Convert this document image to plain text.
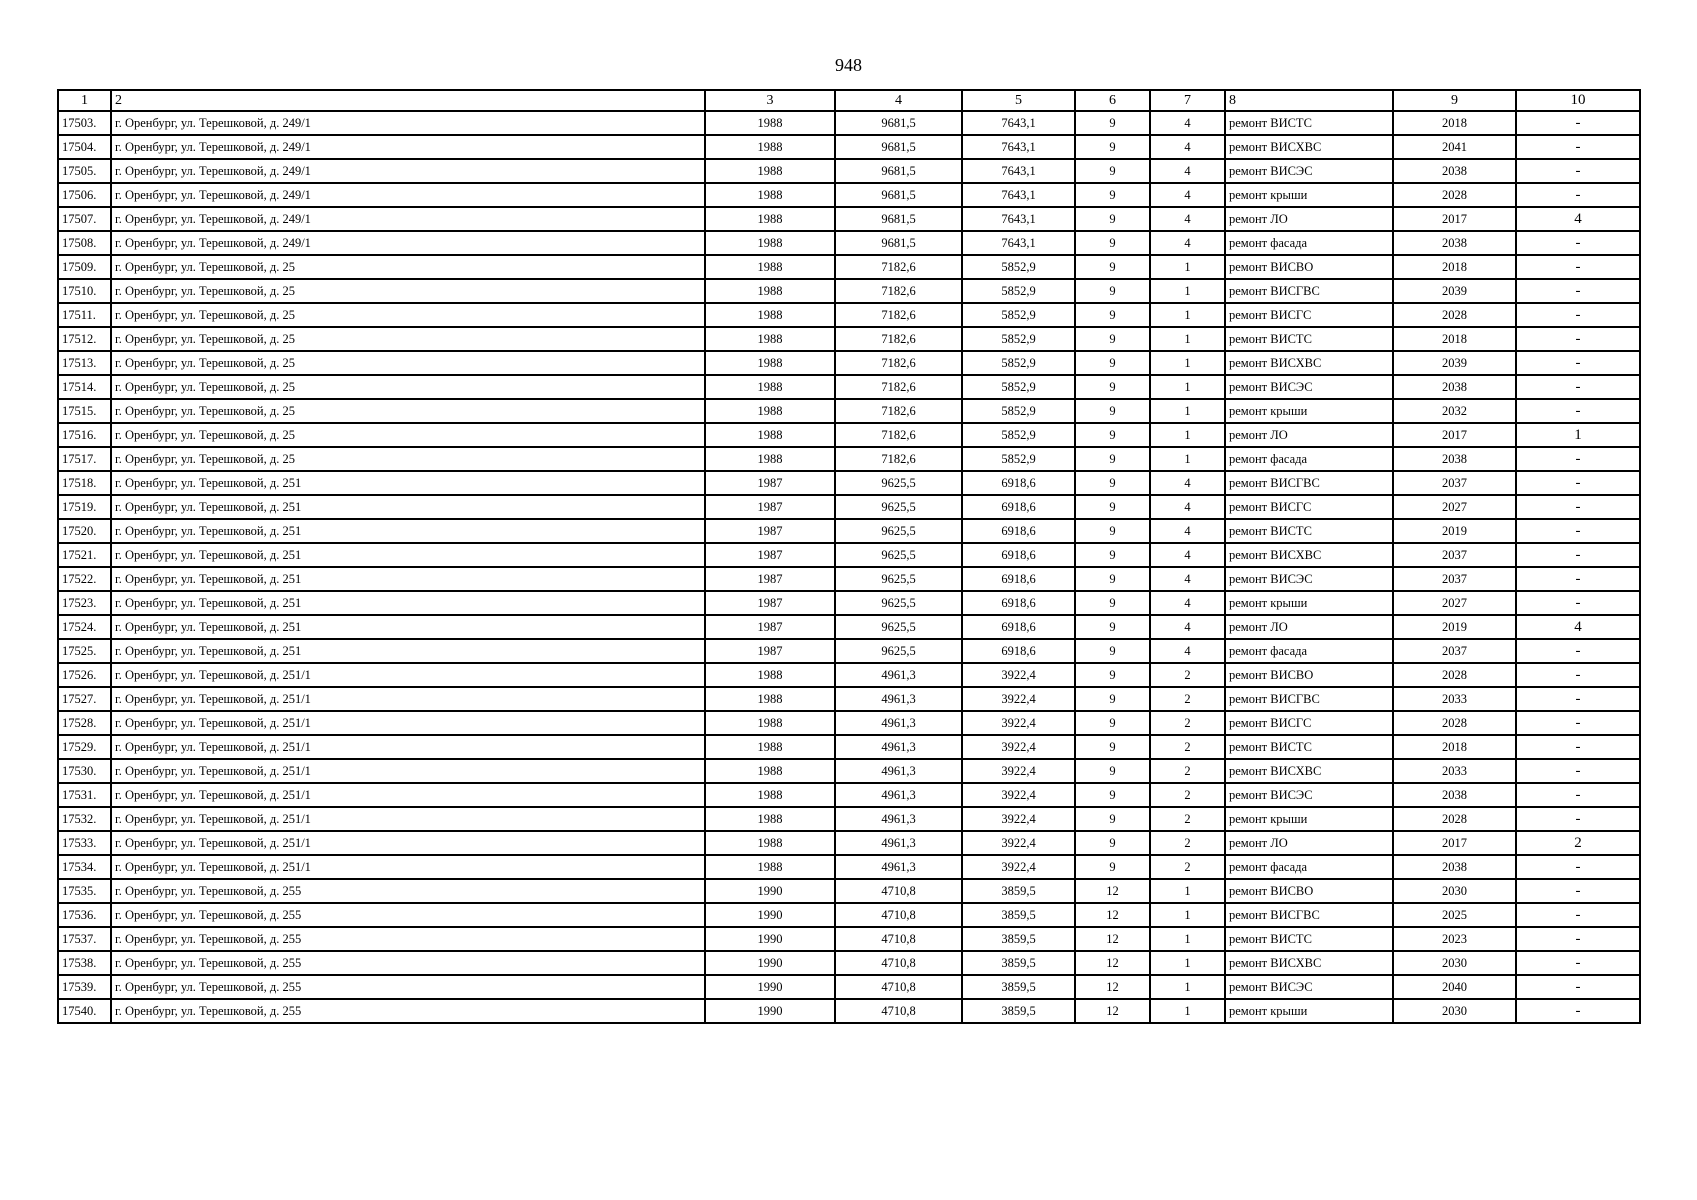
948
1	2	3	4	5	6	7	8	9	10
17503.	г. Оренбург, ул. Терешковой, д. 249/1	1988	9681,5	7643,1	9	4	ремонт ВИСТС	2018	-
17504.	г. Оренбург, ул. Терешковой, д. 249/1	1988	9681,5	7643,1	9	4	ремонт ВИСХВС	2041	-
17505.	г. Оренбург, ул. Терешковой, д. 249/1	1988	9681,5	7643,1	9	4	ремонт ВИСЭС	2038	-
17506.	г. Оренбург, ул. Терешковой, д. 249/1	1988	9681,5	7643,1	9	4	ремонт крыши	2028	-
17507.	г. Оренбург, ул. Терешковой, д. 249/1	1988	9681,5	7643,1	9	4	ремонт ЛО	2017	4
17508.	г. Оренбург, ул. Терешковой, д. 249/1	1988	9681,5	7643,1	9	4	ремонт фасада	2038	-
17509.	г. Оренбург, ул. Терешковой, д. 25	1988	7182,6	5852,9	9	1	ремонт ВИСВО	2018	-
17510.	г. Оренбург, ул. Терешковой, д. 25	1988	7182,6	5852,9	9	1	ремонт ВИСГВС	2039	-
17511.	г. Оренбург, ул. Терешковой, д. 25	1988	7182,6	5852,9	9	1	ремонт ВИСГС	2028	-
17512.	г. Оренбург, ул. Терешковой, д. 25	1988	7182,6	5852,9	9	1	ремонт ВИСТС	2018	-
17513.	г. Оренбург, ул. Терешковой, д. 25	1988	7182,6	5852,9	9	1	ремонт ВИСХВС	2039	-
17514.	г. Оренбург, ул. Терешковой, д. 25	1988	7182,6	5852,9	9	1	ремонт ВИСЭС	2038	-
17515.	г. Оренбург, ул. Терешковой, д. 25	1988	7182,6	5852,9	9	1	ремонт крыши	2032	-
17516.	г. Оренбург, ул. Терешковой, д. 25	1988	7182,6	5852,9	9	1	ремонт ЛО	2017	1
17517.	г. Оренбург, ул. Терешковой, д. 25	1988	7182,6	5852,9	9	1	ремонт фасада	2038	-
17518.	г. Оренбург, ул. Терешковой, д. 251	1987	9625,5	6918,6	9	4	ремонт ВИСГВС	2037	-
17519.	г. Оренбург, ул. Терешковой, д. 251	1987	9625,5	6918,6	9	4	ремонт ВИСГС	2027	-
17520.	г. Оренбург, ул. Терешковой, д. 251	1987	9625,5	6918,6	9	4	ремонт ВИСТС	2019	-
17521.	г. Оренбург, ул. Терешковой, д. 251	1987	9625,5	6918,6	9	4	ремонт ВИСХВС	2037	-
17522.	г. Оренбург, ул. Терешковой, д. 251	1987	9625,5	6918,6	9	4	ремонт ВИСЭС	2037	-
17523.	г. Оренбург, ул. Терешковой, д. 251	1987	9625,5	6918,6	9	4	ремонт крыши	2027	-
17524.	г. Оренбург, ул. Терешковой, д. 251	1987	9625,5	6918,6	9	4	ремонт ЛО	2019	4
17525.	г. Оренбург, ул. Терешковой, д. 251	1987	9625,5	6918,6	9	4	ремонт фасада	2037	-
17526.	г. Оренбург, ул. Терешковой, д. 251/1	1988	4961,3	3922,4	9	2	ремонт ВИСВО	2028	-
17527.	г. Оренбург, ул. Терешковой, д. 251/1	1988	4961,3	3922,4	9	2	ремонт ВИСГВС	2033	-
17528.	г. Оренбург, ул. Терешковой, д. 251/1	1988	4961,3	3922,4	9	2	ремонт ВИСГС	2028	-
17529.	г. Оренбург, ул. Терешковой, д. 251/1	1988	4961,3	3922,4	9	2	ремонт ВИСТС	2018	-
17530.	г. Оренбург, ул. Терешковой, д. 251/1	1988	4961,3	3922,4	9	2	ремонт ВИСХВС	2033	-
17531.	г. Оренбург, ул. Терешковой, д. 251/1	1988	4961,3	3922,4	9	2	ремонт ВИСЭС	2038	-
17532.	г. Оренбург, ул. Терешковой, д. 251/1	1988	4961,3	3922,4	9	2	ремонт крыши	2028	-
17533.	г. Оренбург, ул. Терешковой, д. 251/1	1988	4961,3	3922,4	9	2	ремонт ЛО	2017	2
17534.	г. Оренбург, ул. Терешковой, д. 251/1	1988	4961,3	3922,4	9	2	ремонт фасада	2038	-
17535.	г. Оренбург, ул. Терешковой, д. 255	1990	4710,8	3859,5	12	1	ремонт ВИСВО	2030	-
17536.	г. Оренбург, ул. Терешковой, д. 255	1990	4710,8	3859,5	12	1	ремонт ВИСГВС	2025	-
17537.	г. Оренбург, ул. Терешковой, д. 255	1990	4710,8	3859,5	12	1	ремонт ВИСТС	2023	-
17538.	г. Оренбург, ул. Терешковой, д. 255	1990	4710,8	3859,5	12	1	ремонт ВИСХВС	2030	-
17539.	г. Оренбург, ул. Терешковой, д. 255	1990	4710,8	3859,5	12	1	ремонт ВИСЭС	2040	-
17540.	г. Оренбург, ул. Терешковой, д. 255	1990	4710,8	3859,5	12	1	ремонт крыши	2030	-
